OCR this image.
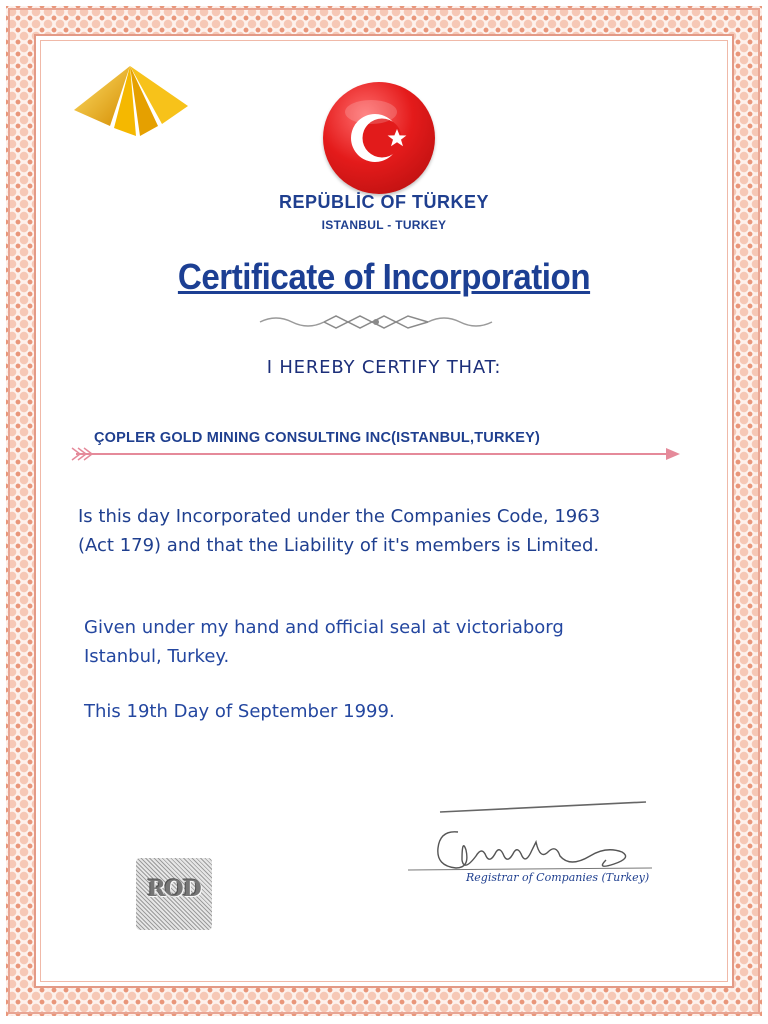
REPÜBLİC OF TÜRKEY
ISTANBUL - TURKEY
Certificate of Incorporation
I HEREBY CERTIFY THAT:
ÇOPLER GOLD MINING CONSULTING INC(ISTANBUL,TURKEY)
Is this day Incorporated under the Companies Code, 1963
(Act 179) and that the Liability of it's members is Limited.
Given under my hand and official seal at victoriaborg
Istanbul, Turkey.
This 19th Day of September 1999.
Registrar of Companies (Turkey)
ROD
